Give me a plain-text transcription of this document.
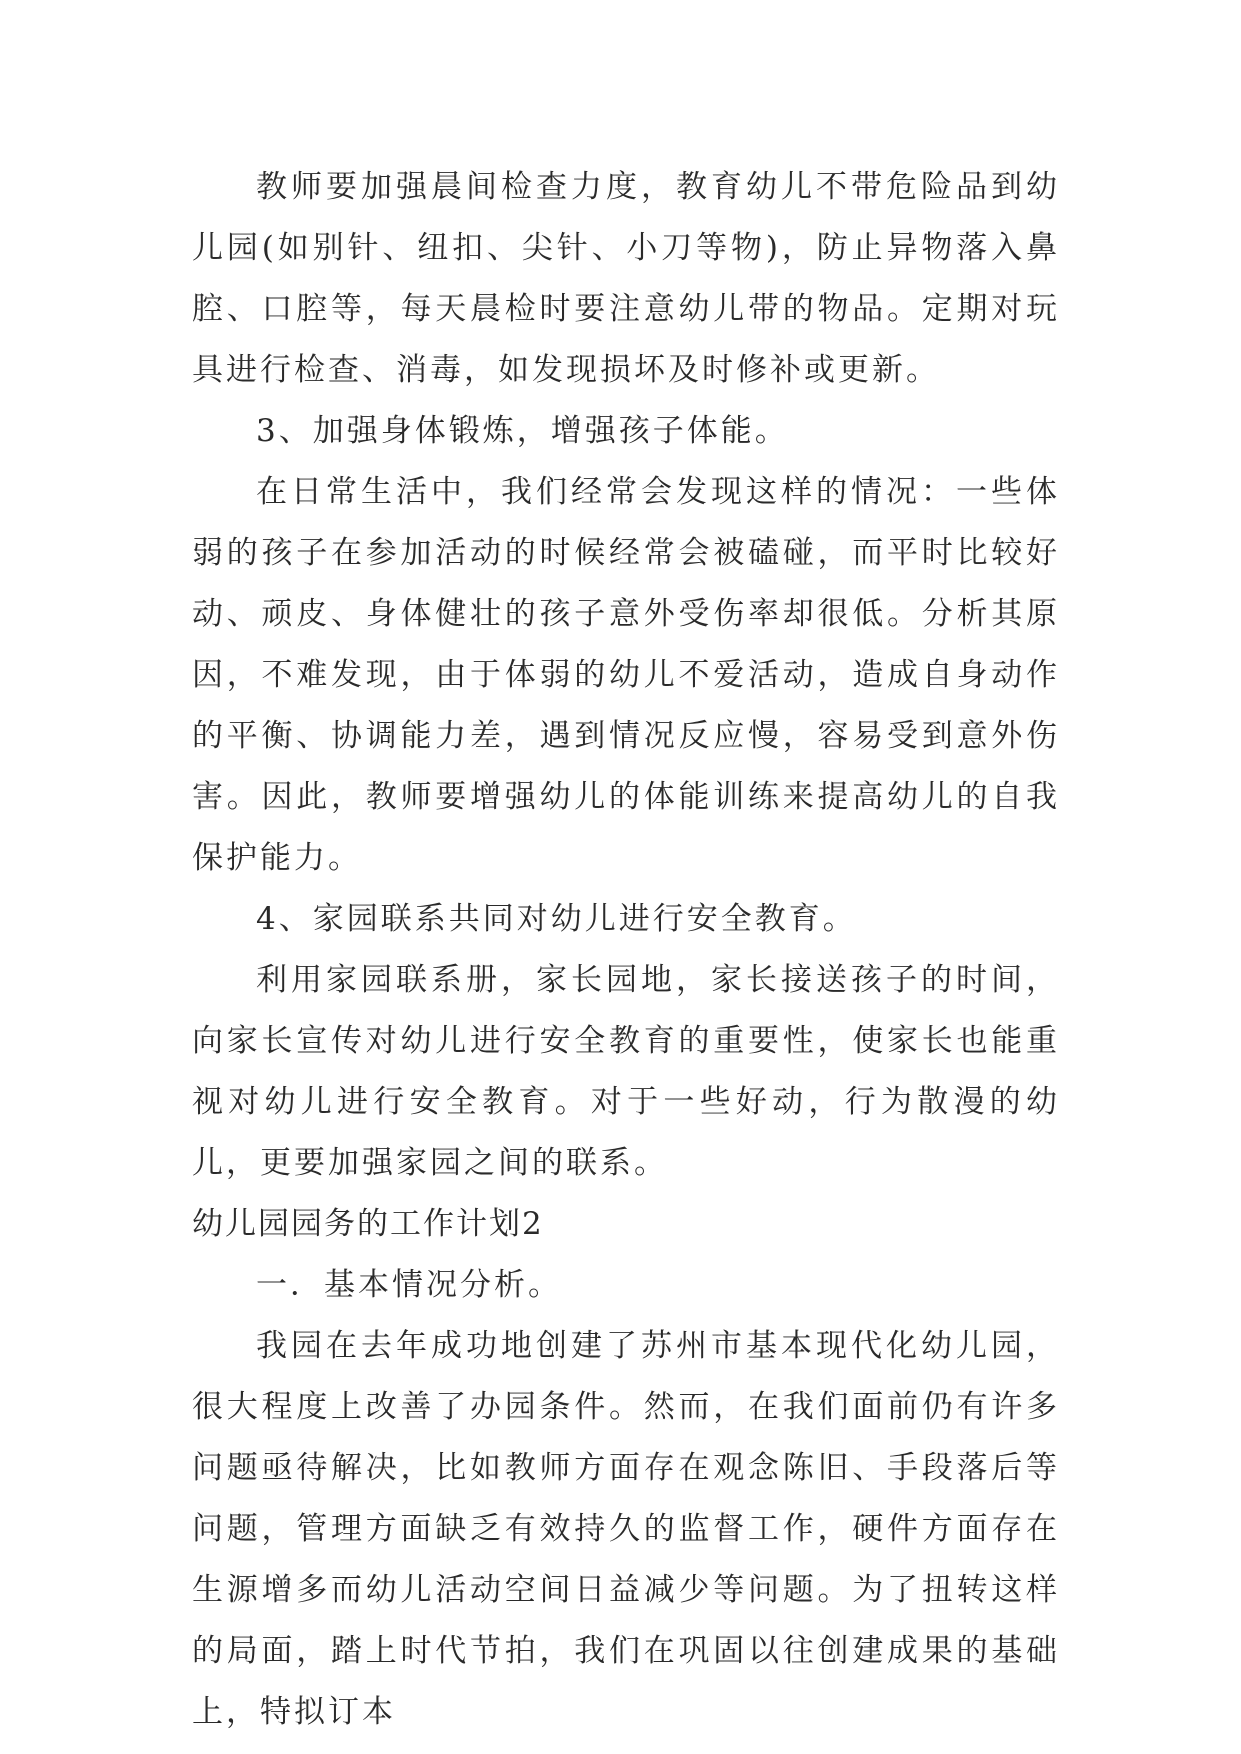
教师要加强晨间检查力度，教育幼儿不带危险品到幼儿园(如别针、纽扣、尖针、小刀等物)，防止异物落入鼻腔、口腔等，每天晨检时要注意幼儿带的物品。定期对玩具进行检查、消毒，如发现损坏及时修补或更新。

3、加强身体锻炼，增强孩子体能。

在日常生活中，我们经常会发现这样的情况：一些体弱的孩子在参加活动的时候经常会被磕碰，而平时比较好动、顽皮、身体健壮的孩子意外受伤率却很低。分析其原因，不难发现，由于体弱的幼儿不爱活动，造成自身动作的平衡、协调能力差，遇到情况反应慢，容易受到意外伤害。因此，教师要增强幼儿的体能训练来提高幼儿的自我保护能力。

4、家园联系共同对幼儿进行安全教育。

利用家园联系册，家长园地，家长接送孩子的时间，向家长宣传对幼儿进行安全教育的重要性，使家长也能重视对幼儿进行安全教育。对于一些好动，行为散漫的幼儿，更要加强家园之间的联系。

幼儿园园务的工作计划2

一．基本情况分析。

我园在去年成功地创建了苏州市基本现代化幼儿园，很大程度上改善了办园条件。然而，在我们面前仍有许多问题亟待解决，比如教师方面存在观念陈旧、手段落后等问题，管理方面缺乏有效持久的监督工作，硬件方面存在生源增多而幼儿活动空间日益减少等问题。为了扭转这样的局面，踏上时代节拍，我们在巩固以往创建成果的基础上，特拟订本
